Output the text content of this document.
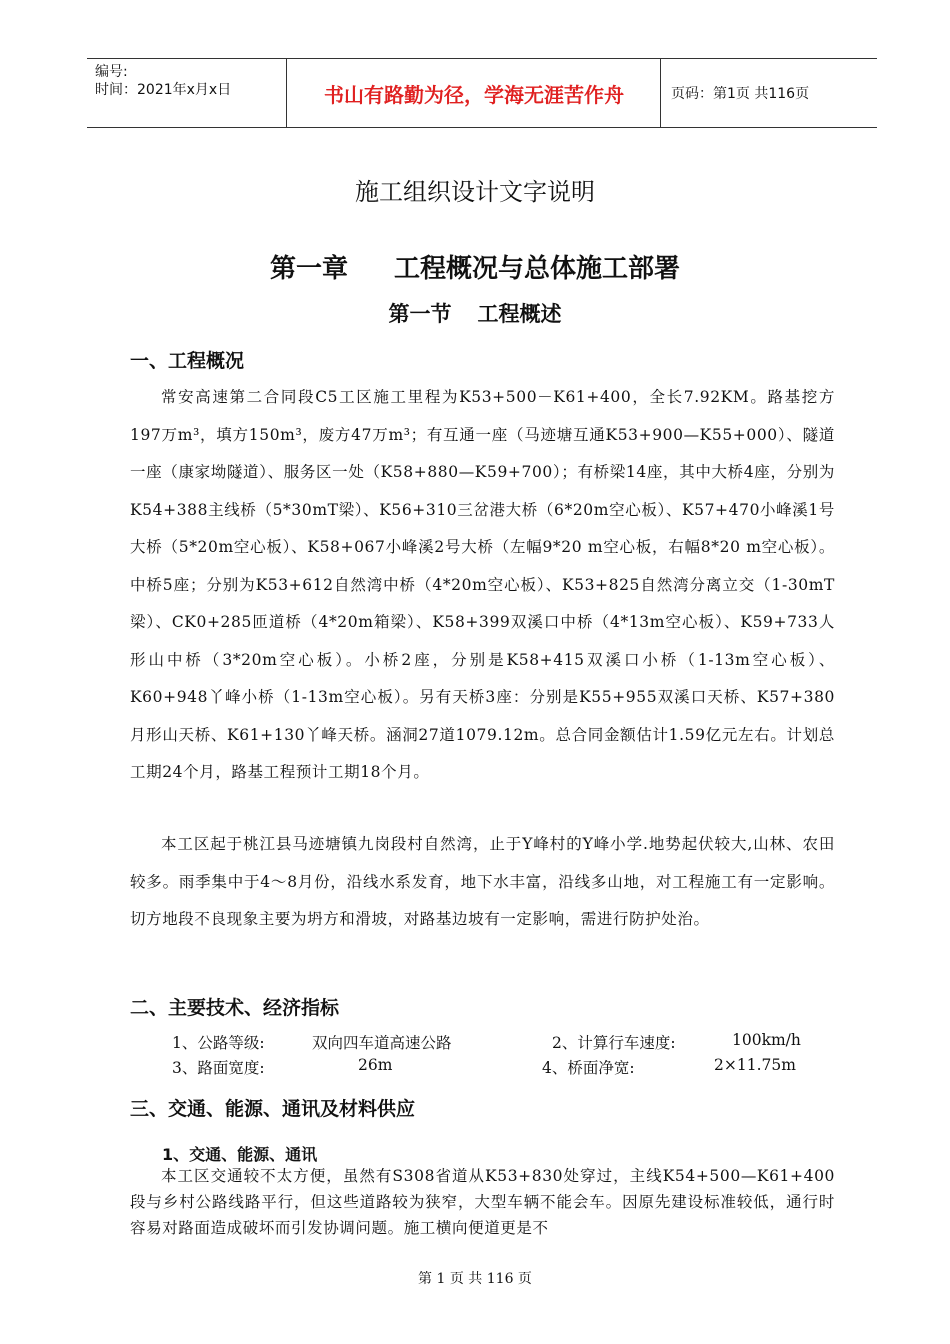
编号:
时间：2021年x月x日	书山有路勤为径，学海无涯苦作舟	页码：第1页 共116页
施工组织设计文字说明
第一章 工程概况与总体施工部署
第一节 工程概述
一、工程概况
常安高速第二合同段C5工区施工里程为K53+500－K61+400，全长7.92KM。路基挖方197万m³，填方150m³，废方47万m³；有互通一座（马迹塘互通K53+900—K55+000）、隧道一座（康家坳隧道）、服务区一处（K58+880—K59+700）；有桥梁14座，其中大桥4座，分别为K54+388主线桥（5*30mT梁）、K56+310三岔港大桥（6*20m空心板）、K57+470小峰溪1号大桥（5*20m空心板）、K58+067小峰溪2号大桥（左幅9*20 m空心板，右幅8*20 m空心板）。中桥5座；分别为K53+612自然湾中桥（4*20m空心板）、K53+825自然湾分离立交（1-30mT梁）、CK0+285匝道桥（4*20m箱梁）、K58+399双溪口中桥（4*13m空心板）、K59+733人形山中桥（3*20m空心板）。小桥2座，分别是K58+415双溪口小桥（1-13m空心板）、K60+948丫峰小桥（1-13m空心板）。另有天桥3座：分别是K55+955双溪口天桥、K57+380月形山天桥、K61+130丫峰天桥。涵洞27道1079.12m。总合同金额估计1.59亿元左右。计划总工期24个月，路基工程预计工期18个月。
本工区起于桃江县马迹塘镇九岗段村自然湾，止于Y峰村的Y峰小学.地势起伏较大,山林、农田较多。雨季集中于4～8月份，沿线水系发育，地下水丰富，沿线多山地，对工程施工有一定影响。切方地段不良现象主要为坍方和滑坡，对路基边坡有一定影响，需进行防护处治。
二、主要技术、经济指标
1、公路等级:	双向四车道高速公路	2、计算行车速度:	100km/h
3、路面宽度:	26m	4、桥面净宽:	2×11.75m
三、交通、能源、通讯及材料供应
1、交通、能源、通讯
本工区交通较不太方便，虽然有S308省道从K53+830处穿过，主线K54+500—K61+400段与乡村公路线路平行，但这些道路较为狭窄，大型车辆不能会车。因原先建设标准较低，通行时容易对路面造成破坏而引发协调问题。施工横向便道更是不
第 1 页 共 116 页
